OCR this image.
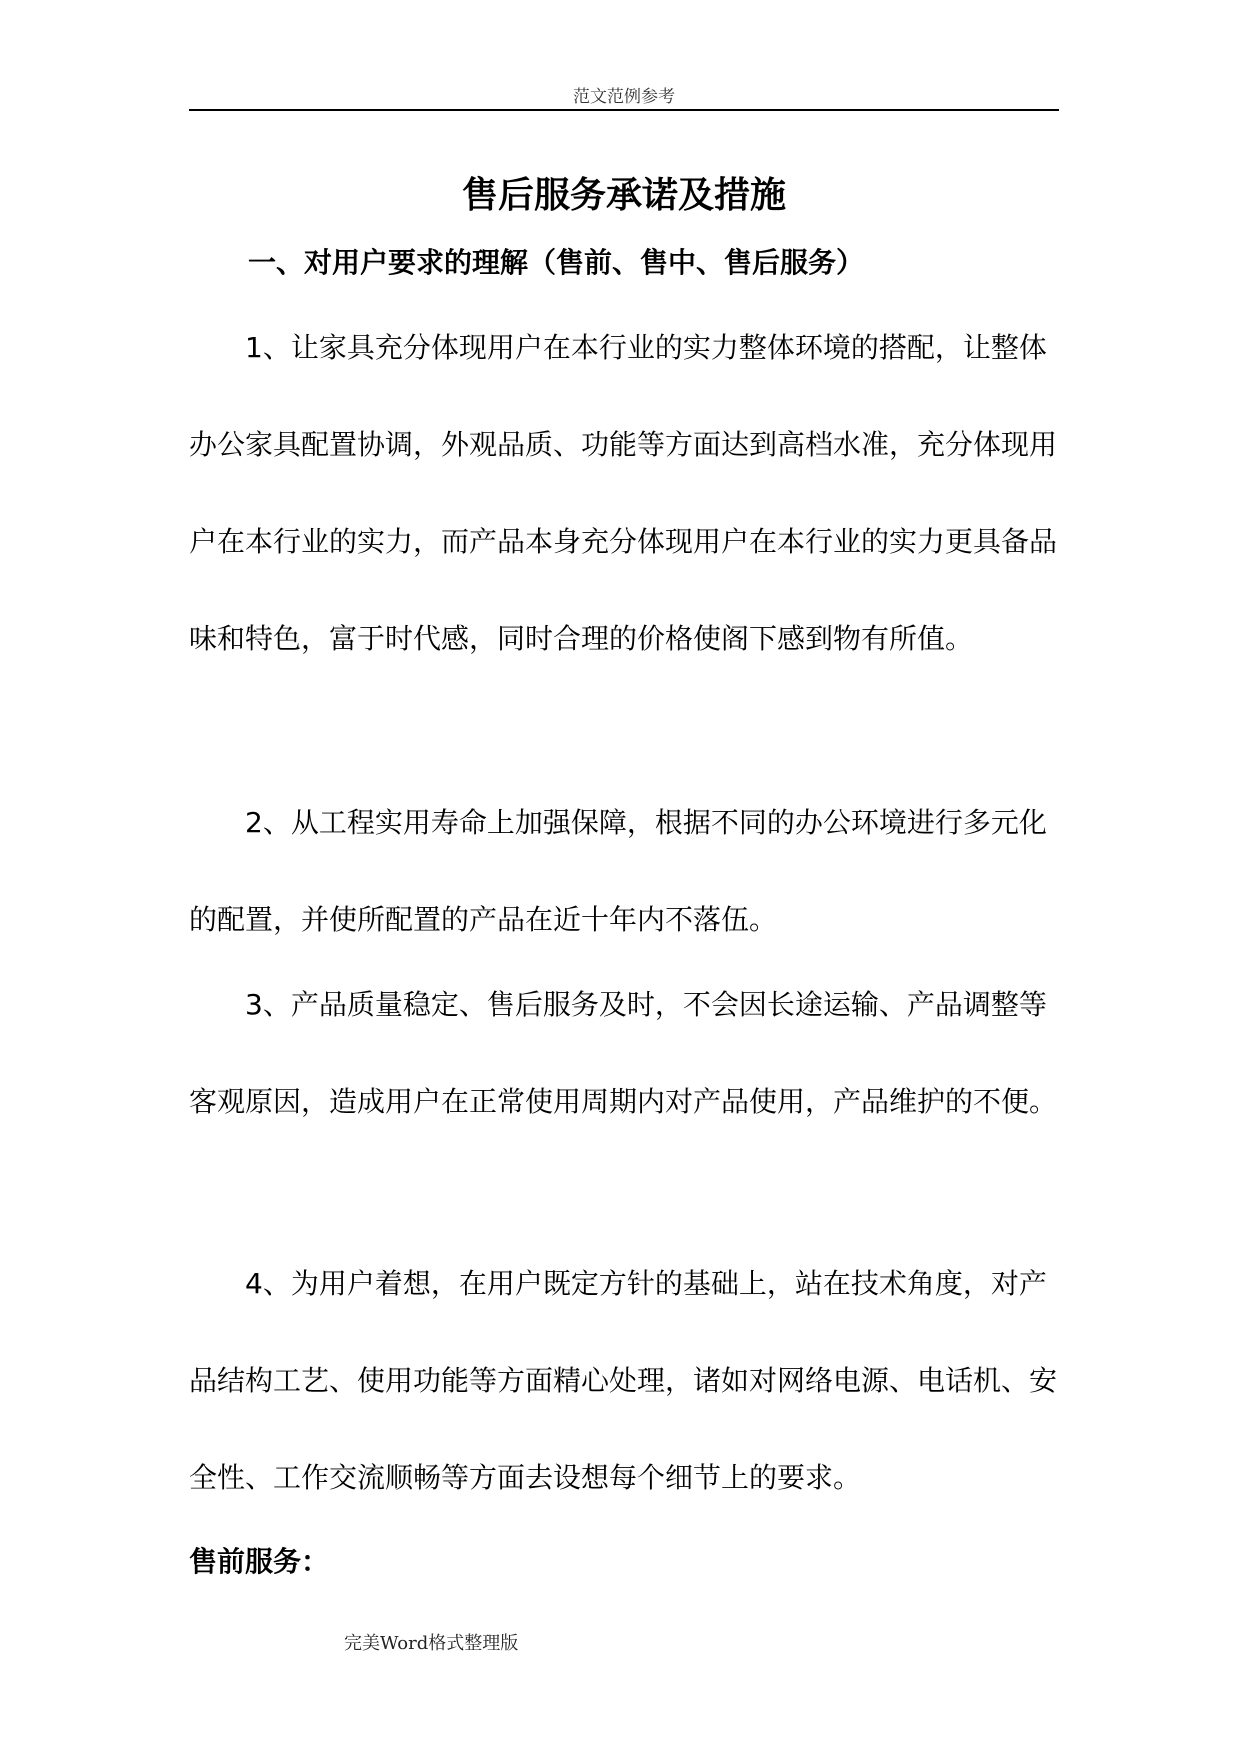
范文范例参考
售后服务承诺及措施
一、对用户要求的理解（售前、售中、售后服务）

1、让家具充分体现用户在本行业的实力整体环境的搭配，让整体办公家具配置协调，外观品质、功能等方面达到高档水准，充分体现用户在本行业的实力，而产品本身充分体现用户在本行业的实力更具备品味和特色，富于时代感，同时合理的价格使阁下感到物有所值。

2、从工程实用寿命上加强保障，根据不同的办公环境进行多元化的配置，并使所配置的产品在近十年内不落伍。

3、产品质量稳定、售后服务及时，不会因长途运输、产品调整等客观原因，造成用户在正常使用周期内对产品使用，产品维护的不便。

4、为用户着想，在用户既定方针的基础上，站在技术角度，对产品结构工艺、使用功能等方面精心处理，诸如对网络电源、电话机、安全性、工作交流顺畅等方面去设想每个细节上的要求。

售前服务：
完美Word格式整理版
